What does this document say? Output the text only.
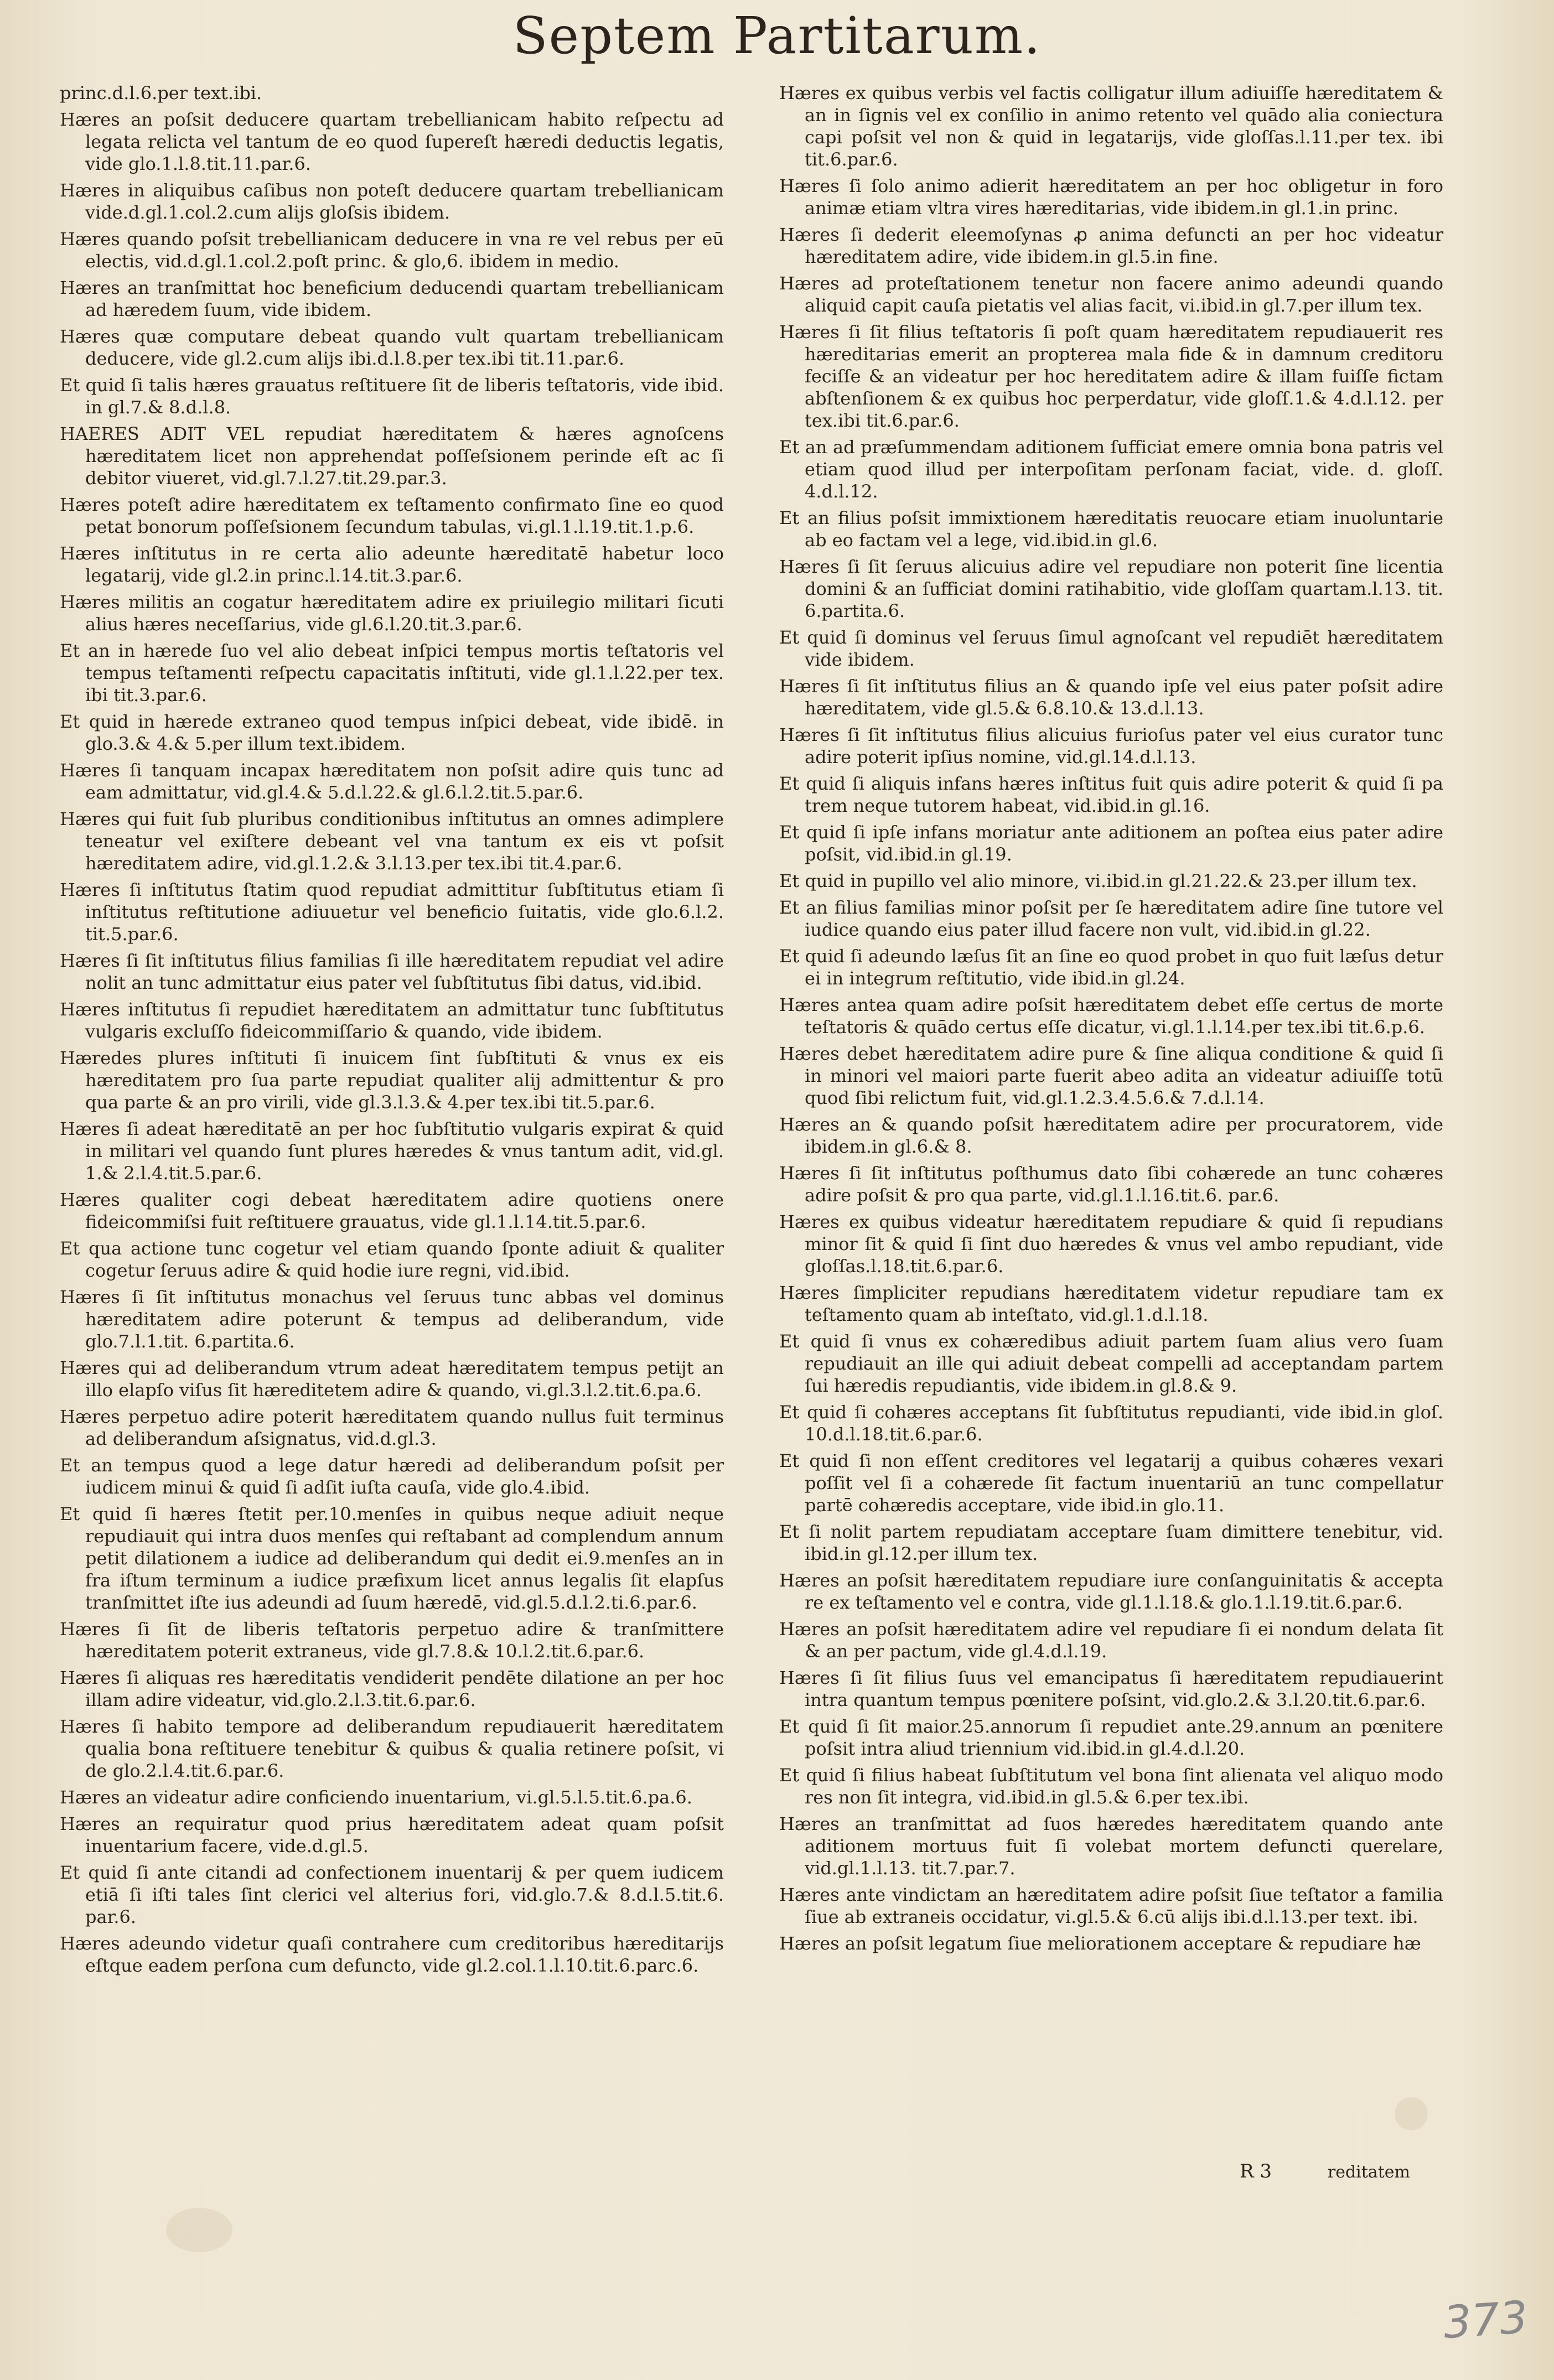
Septem Partitarum.

princ.d.l.6.per text.ibi.

Hæres an poſsit deducere quartam trebellianicam habito reſpectu ad legata relicta vel tantum de eo quod ſupereſt hæredi deductis legatis, vide glo.1.l.8.tit.11.par.6.

Hæres in aliquibus caſibus non poteſt deducere quartam trebellianicam vide.d.gl.1.col.2.cum alijs gloſsis ibidem.

Hæres quando poſsit trebellianicam deducere in vna re vel rebus per eū electis, vid.d.gl.1.col.2.poſt princ. & glo,6. ibidem in medio.

Hæres an tranſmittat hoc beneficium deducendi quartam trebellianicam ad hæredem ſuum, vide ibidem.

Hæres quæ computare debeat quando vult quartam trebellianicam deducere, vide gl.2.cum alijs ibi.d.l.8.per tex.ibi tit.11.par.6.

Et quid ſi talis hæres grauatus reſtituere ſit de liberis teſtatoris, vide ibid. in gl.7.& 8.d.l.8.

HAERES ADIT VEL repudiat hæreditatem & hæres agnoſcens hæreditatem licet non apprehendat poſſeſsionem perinde eſt ac ſi debitor viueret, vid.gl.7.l.27.tit.29.par.3.

Hæres poteſt adire hæreditatem ex teſtamento confirmato ſine eo quod petat bonorum poſſeſsionem ſecundum tabulas, vi.gl.1.l.19.tit.1.p.6.

Hæres inſtitutus in re certa alio adeunte hæreditatē habetur loco legatarij, vide gl.2.in princ.l.14.tit.3.par.6.

Hæres militis an cogatur hæreditatem adire ex priuilegio militari ſicuti alius hæres neceſſarius, vide gl.6.l.20.tit.3.par.6.

Et an in hærede ſuo vel alio debeat inſpici tempus mortis teſtatoris vel tempus teſtamenti reſpectu capacitatis inſtituti, vide gl.1.l.22.per tex. ibi tit.3.par.6.

Et quid in hærede extraneo quod tempus inſpici debeat, vide ibidē. in glo.3.& 4.& 5.per illum text.ibidem.

Hæres ſi tanquam incapax hæreditatem non poſsit adire quis tunc ad eam admittatur, vid.gl.4.& 5.d.l.22.& gl.6.l.2.tit.5.par.6.

Hæres qui fuit ſub pluribus conditionibus inſtitutus an omnes adimplere teneatur vel exiſtere debeant vel vna tantum ex eis vt poſsit hæreditatem adire, vid.gl.1.2.& 3.l.13.per tex.ibi tit.4.par.6.

Hæres ſi inſtitutus ſtatim quod repudiat admittitur ſubſtitutus etiam ſi inſtitutus reſtitutione adiuuetur vel beneficio ſuitatis, vide glo.6.l.2. tit.5.par.6.

Hæres ſi ſit inſtitutus filius familias ſi ille hæreditatem repudiat vel adire nolit an tunc admittatur eius pater vel ſubſtitutus ſibi datus, vid.ibid.

Hæres inſtitutus ſi repudiet hæreditatem an admittatur tunc ſubſtitutus vulgaris excluſſo fideicommiſſario & quando, vide ibidem.

Hæredes plures inſtituti ſi inuicem ſint ſubſtituti & vnus ex eis hæreditatem pro ſua parte repudiat qualiter alij admittentur & pro qua parte & an pro virili, vide gl.3.l.3.& 4.per tex.ibi tit.5.par.6.

Hæres ſi adeat hæreditatē an per hoc ſubſtitutio vulgaris expirat & quid in militari vel quando ſunt plures hæredes & vnus tantum adit, vid.gl. 1.& 2.l.4.tit.5.par.6.

Hæres qualiter cogi debeat hæreditatem adire quotiens onere fideicommiſsi fuit reſtituere grauatus, vide gl.1.l.14.tit.5.par.6.

Et qua actione tunc cogetur vel etiam quando ſponte adiuit & qualiter cogetur ſeruus adire & quid hodie iure regni, vid.ibid.

Hæres ſi ſit inſtitutus monachus vel ſeruus tunc abbas vel dominus hæreditatem adire poterunt & tempus ad deliberandum, vide glo.7.l.1.tit. 6.partita.6.

Hæres qui ad deliberandum vtrum adeat hæreditatem tempus petijt an illo elapſo viſus ſit hæreditetem adire & quando, vi.gl.3.l.2.tit.6.pa.6.

Hæres perpetuo adire poterit hæreditatem quando nullus fuit terminus ad deliberandum aſsignatus, vid.d.gl.3.

Et an tempus quod a lege datur hæredi ad deliberandum poſsit per iudicem minui & quid ſi adſit iuſta cauſa, vide glo.4.ibid.

Et quid ſi hæres ſtetit per.10.menſes in quibus neque adiuit neque repudiauit qui intra duos menſes qui reſtabant ad complendum annum petit dilationem a iudice ad deliberandum qui dedit ei.9.menſes an in fra iſtum terminum a iudice præfixum licet annus legalis ſit elapſus tranſmittet iſte ius adeundi ad ſuum hæredē, vid.gl.5.d.l.2.ti.6.par.6.

Hæres ſi ſit de liberis teſtatoris perpetuo adire & tranſmittere hæreditatem poterit extraneus, vide gl.7.8.& 10.l.2.tit.6.par.6.

Hæres ſi aliquas res hæreditatis vendiderit pendēte dilatione an per hoc illam adire videatur, vid.glo.2.l.3.tit.6.par.6.

Hæres ſi habito tempore ad deliberandum repudiauerit hæreditatem qualia bona reſtituere tenebitur & quibus & qualia retinere poſsit, vi de glo.2.l.4.tit.6.par.6.

Hæres an videatur adire conficiendo inuentarium, vi.gl.5.l.5.tit.6.pa.6.

Hæres an requiratur quod prius hæreditatem adeat quam poſsit inuentarium facere, vide.d.gl.5.

Et quid ſi ante citandi ad confectionem inuentarij & per quem iudicem etiā ſi iſti tales ſint clerici vel alterius fori, vid.glo.7.& 8.d.l.5.tit.6. par.6.

Hæres adeundo videtur quaſi contrahere cum creditoribus hæreditarijs eſtque eadem perſona cum defuncto, vide gl.2.col.1.l.10.tit.6.parc.6.

Hæres ex quibus verbis vel factis colligatur illum adiuiſſe hæreditatem & an in ſignis vel ex conſilio in animo retento vel quādo alia coniectura capi poſsit vel non & quid in legatarijs, vide gloſſas.l.11.per tex. ibi tit.6.par.6.

Hæres ſi ſolo animo adierit hæreditatem an per hoc obligetur in foro animæ etiam vltra vires hæreditarias, vide ibidem.in gl.1.in princ.

Hæres ſi dederit eleemoſynas ꝓ anima defuncti an per hoc videatur hæreditatem adire, vide ibidem.in gl.5.in fine.

Hæres ad proteſtationem tenetur non facere animo adeundi quando aliquid capit cauſa pietatis vel alias facit, vi.ibid.in gl.7.per illum tex.

Hæres ſi ſit filius teſtatoris ſi poſt quam hæreditatem repudiauerit res hæreditarias emerit an propterea mala fide & in damnum creditoru feciſſe & an videatur per hoc hereditatem adire & illam fuiſſe fictam abſtenſionem & ex quibus hoc perperdatur, vide gloſſ.1.& 4.d.l.12. per tex.ibi tit.6.par.6.

Et an ad præſummendam aditionem ſufficiat emere omnia bona patris vel etiam quod illud per interpoſitam perſonam faciat, vide. d. gloſſ. 4.d.l.12.

Et an filius poſsit immixtionem hæreditatis reuocare etiam inuoluntarie ab eo factam vel a lege, vid.ibid.in gl.6.

Hæres ſi ſit ſeruus alicuius adire vel repudiare non poterit ſine licentia domini & an ſufficiat domini ratihabitio, vide gloſſam quartam.l.13. tit. 6.partita.6.

Et quid ſi dominus vel ſeruus ſimul agnoſcant vel repudiēt hæreditatem vide ibidem.

Hæres ſi ſit inſtitutus filius an & quando ipſe vel eius pater poſsit adire hæreditatem, vide gl.5.& 6.8.10.& 13.d.l.13.

Hæres ſi ſit inſtitutus filius alicuius furioſus pater vel eius curator tunc adire poterit ipſius nomine, vid.gl.14.d.l.13.

Et quid ſi aliquis infans hæres inſtitus fuit quis adire poterit & quid ſi pa trem neque tutorem habeat, vid.ibid.in gl.16.

Et quid ſi ipſe infans moriatur ante aditionem an poſtea eius pater adire poſsit, vid.ibid.in gl.19.

Et quid in pupillo vel alio minore, vi.ibid.in gl.21.22.& 23.per illum tex.

Et an filius familias minor poſsit per ſe hæreditatem adire ſine tutore vel iudice quando eius pater illud facere non vult, vid.ibid.in gl.22.

Et quid ſi adeundo læſus ſit an ſine eo quod probet in quo fuit læſus detur ei in integrum reſtitutio, vide ibid.in gl.24.

Hæres antea quam adire poſsit hæreditatem debet eſſe certus de morte teſtatoris & quādo certus eſſe dicatur, vi.gl.1.l.14.per tex.ibi tit.6.p.6.

Hæres debet hæreditatem adire pure & ſine aliqua conditione & quid ſi in minori vel maiori parte fuerit abeo adita an videatur adiuiſſe totū quod ſibi relictum fuit, vid.gl.1.2.3.4.5.6.& 7.d.l.14.

Hæres an & quando poſsit hæreditatem adire per procuratorem, vide ibidem.in gl.6.& 8.

Hæres ſi ſit inſtitutus poſthumus dato ſibi cohærede an tunc cohæres adire poſsit & pro qua parte, vid.gl.1.l.16.tit.6. par.6.

Hæres ex quibus videatur hæreditatem repudiare & quid ſi repudians minor ſit & quid ſi ſint duo hæredes & vnus vel ambo repudiant, vide gloſſas.l.18.tit.6.par.6.

Hæres ſimpliciter repudians hæreditatem videtur repudiare tam ex teſtamento quam ab inteſtato, vid.gl.1.d.l.18.

Et quid ſi vnus ex cohæredibus adiuit partem ſuam alius vero ſuam repudiauit an ille qui adiuit debeat compelli ad acceptandam partem ſui hæredis repudiantis, vide ibidem.in gl.8.& 9.

Et quid ſi cohæres acceptans ſit ſubſtitutus repudianti, vide ibid.in gloſ. 10.d.l.18.tit.6.par.6.

Et quid ſi non eſſent creditores vel legatarij a quibus cohæres vexari poſſit vel ſi a cohærede ſit factum inuentariū an tunc compellatur partē cohæredis acceptare, vide ibid.in glo.11.

Et ſi nolit partem repudiatam acceptare ſuam dimittere tenebitur, vid. ibid.in gl.12.per illum tex.

Hæres an poſsit hæreditatem repudiare iure conſanguinitatis & accepta re ex teſtamento vel e contra, vide gl.1.l.18.& glo.1.l.19.tit.6.par.6.

Hæres an poſsit hæreditatem adire vel repudiare ſi ei nondum delata ſit & an per pactum, vide gl.4.d.l.19.

Hæres ſi ſit filius ſuus vel emancipatus ſi hæreditatem repudiauerint intra quantum tempus pœnitere poſsint, vid.glo.2.& 3.l.20.tit.6.par.6.

Et quid ſi ſit maior.25.annorum ſi repudiet ante.29.annum an pœnitere poſsit intra aliud triennium vid.ibid.in gl.4.d.l.20.

Et quid ſi filius habeat ſubſtitutum vel bona ſint alienata vel aliquo modo res non ſit integra, vid.ibid.in gl.5.& 6.per tex.ibi.

Hæres an tranſmittat ad ſuos hæredes hæreditatem quando ante aditionem mortuus fuit ſi volebat mortem defuncti querelare, vid.gl.1.l.13. tit.7.par.7.

Hæres ante vindictam an hæreditatem adire poſsit ſiue teſtator a familia ſiue ab extraneis occidatur, vi.gl.5.& 6.cū alijs ibi.d.l.13.per text. ibi.

Hæres an poſsit legatum ſiue meliorationem acceptare & repudiare hæ

R 3	reditatem
373
